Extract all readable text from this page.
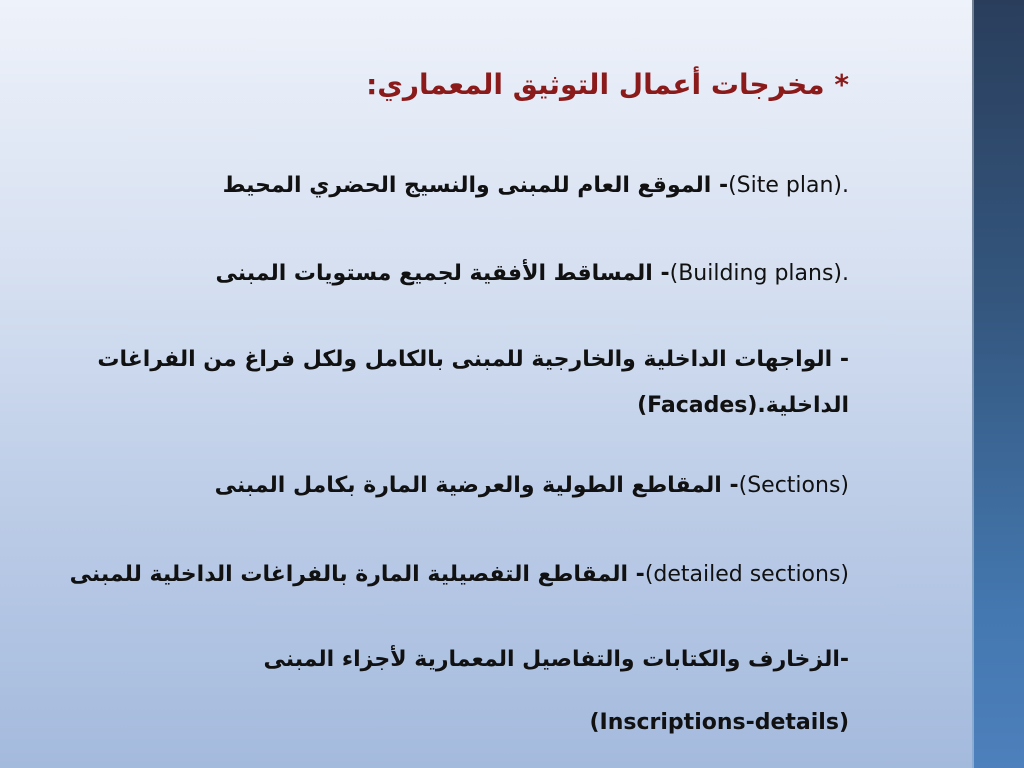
* مخرجات أعمال التوثيق المعماري:
(Site plan).- الموقع العام للمبنى والنسيج الحضري المحيط
(Building plans).- المساقط الأفقية لجميع مستويات المبنى
- الواجهات الداخلية والخارجية للمبنى بالكامل ولكل فراغ من الفراغات
الداخلية(Facades).
(Sections)- المقاطع الطولية والعرضية المارة بكامل المبنى
(detailed sections)- المقاطع التفصيلية المارة بالفراغات الداخلية للمبنى
-الزخارف والكتابات والتفاصيل المعمارية لأجزاء المبنى
(Inscriptions-details)
